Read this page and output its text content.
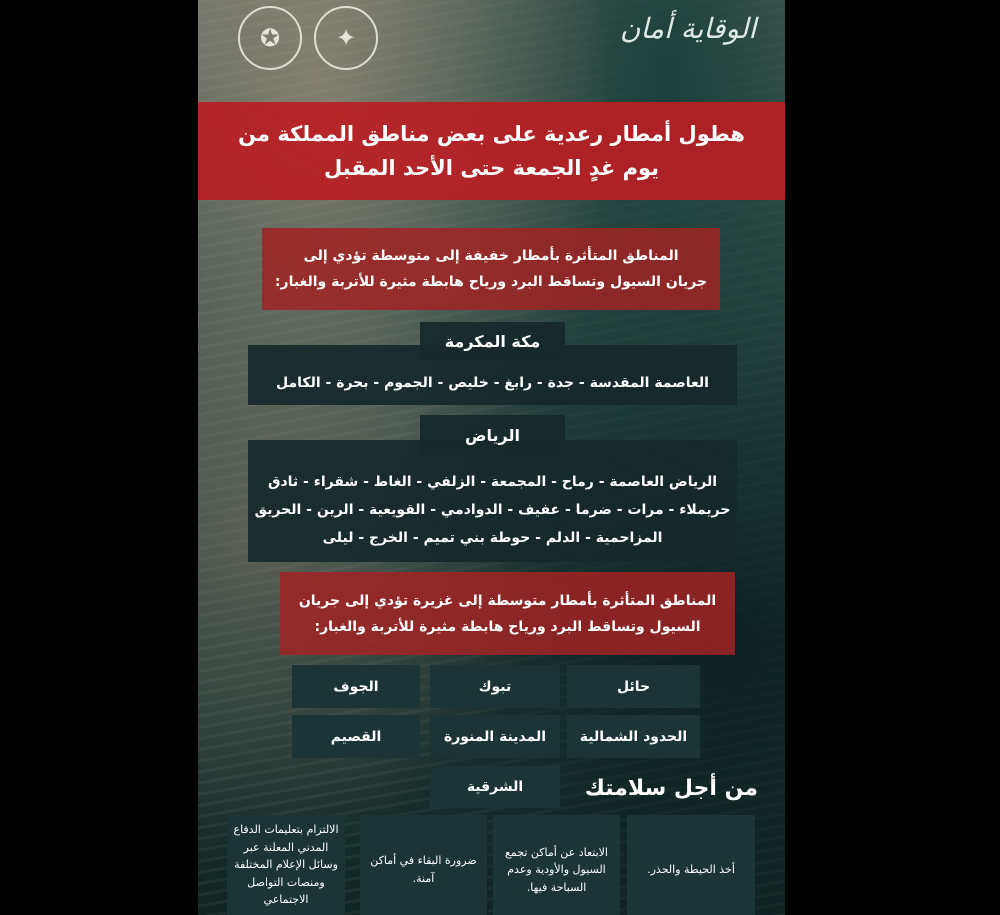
✪	✦	الوقاية أمان
هطول أمطار رعدية على بعض مناطق المملكة من
يوم غدٍ الجمعة حتى الأحد المقبل
المناطق المتأثرة بأمطار خفيفة إلى متوسطة تؤدي إلى
جريان السيول وتساقط البرد ورياح هابطة مثيرة للأتربة والغبار:
العاصمة المقدسة - جدة - رابغ - خليص - الجموم - بحرة - الكامل
مكة المكرمة
الرياض العاصمة - رماح - المجمعة - الزلفي - الغاط - شقراء - ثادق
حريملاء - مرات - ضرما - عفيف - الدوادمي - القويعية - الرين - الحريق
المزاحمية - الدلم - حوطة بني تميم - الخرج - ليلى
الرياض
المناطق المتأثرة بأمطار متوسطة إلى غزيرة تؤدي إلى جريان
السيول وتساقط البرد ورياح هابطة مثيرة للأتربة والغبار:
حائل
تبوك
الجوف
الحدود الشمالية
المدينة المنورة
القصيم
الشرقية	من أجل سلامتك
أخذ الحيطة والحذر.
الابتعاد عن أماكن تجمع السيول والأودية وعدم السباحة فيها.
ضرورة البقاء في أماكن آمنة.
الالتزام بتعليمات الدفاع المدني المعلنة عبر وسائل الإعلام المختلفة ومنصات التواصل الاجتماعي
